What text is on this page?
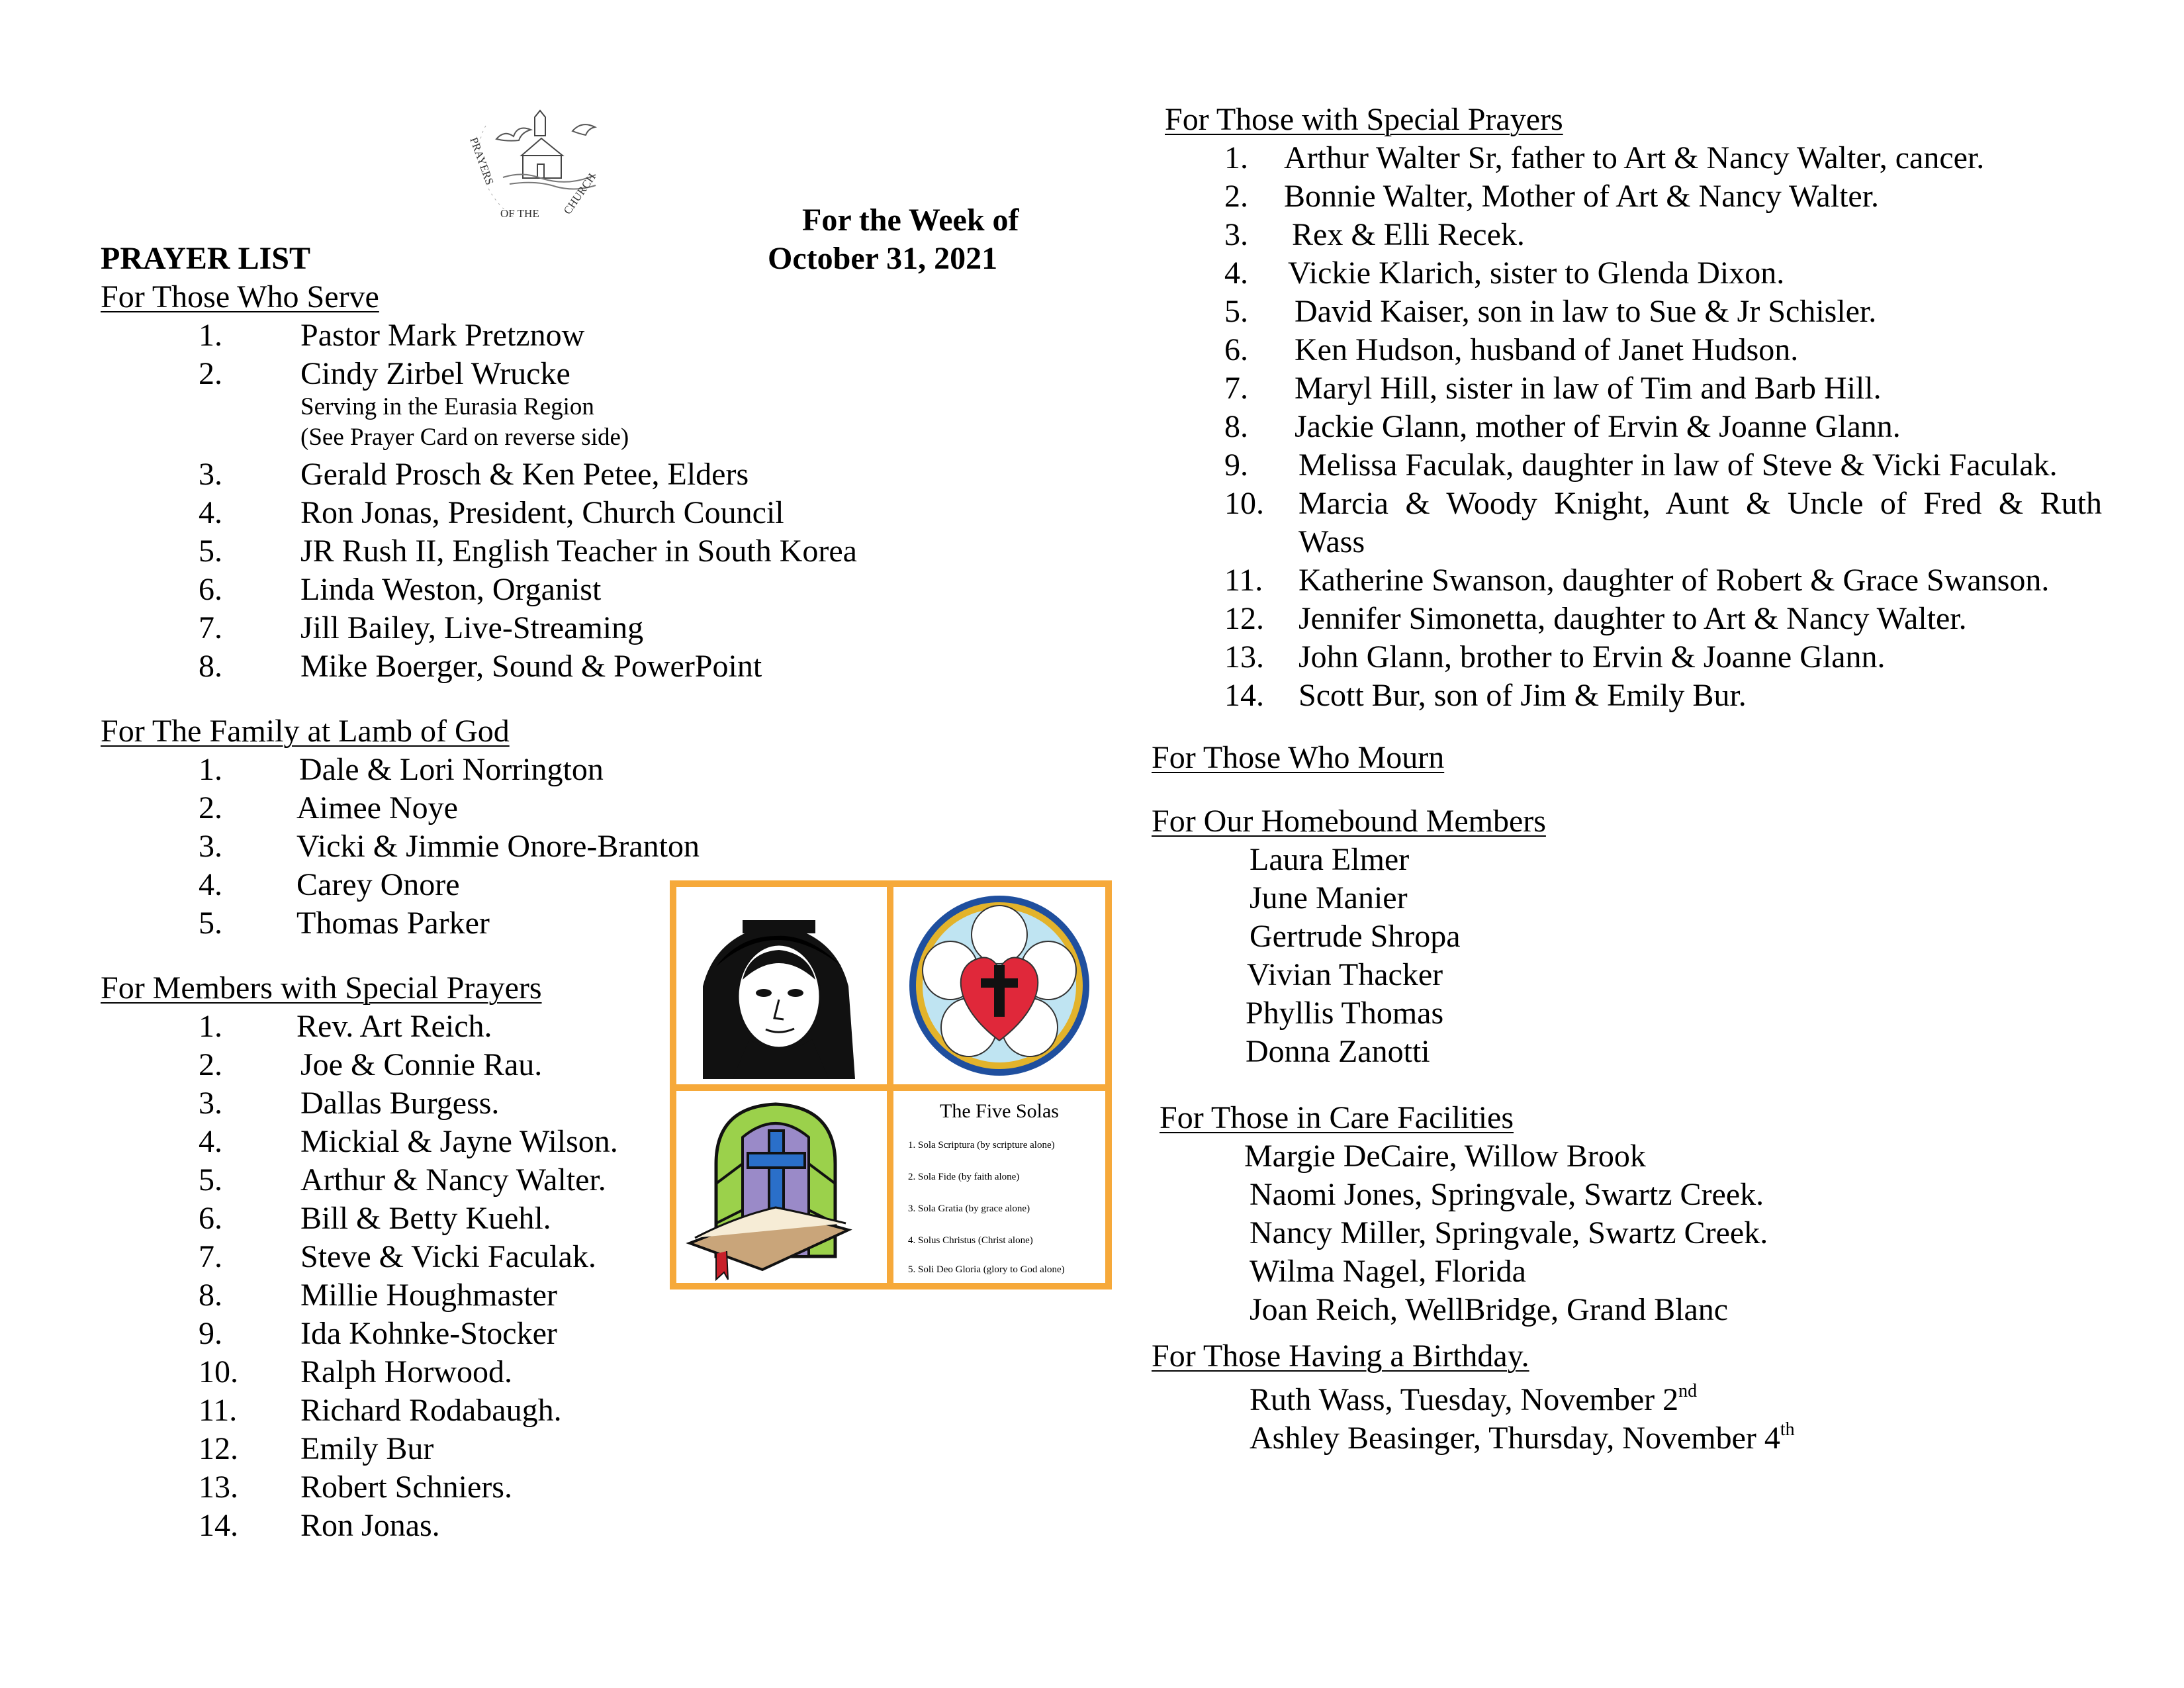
PRAYERS
OF THE CHURCH
For the Week of
PRAYER LIST	October 31, 2021
For Those Who Serve
1. Pastor Mark Pretznow
2. Cindy Zirbel Wrucke
Serving in the Eurasia Region
(See Prayer Card on reverse side)
3. Gerald Prosch & Ken Petee, Elders
4. Ron Jonas, President, Church Council
5. JR Rush II, English Teacher in South Korea
6. Linda Weston, Organist
7. Jill Bailey, Live-Streaming
8. Mike Boerger, Sound & PowerPoint
For The Family at Lamb of God
1. Dale & Lori Norrington
2. Aimee Noye
3. Vicki & Jimmie Onore-Branton
4. Carey Onore
5. Thomas Parker
For Members with Special Prayers
1. Rev. Art Reich.
2. Joe & Connie Rau.
3. Dallas Burgess.
4. Mickial & Jayne Wilson.
5. Arthur & Nancy Walter.
6. Bill & Betty Kuehl.
7. Steve & Vicki Faculak.
8. Millie Houghmaster
9. Ida Kohnke-Stocker
10. Ralph Horwood.
11. Richard Rodabaugh.
12. Emily Bur
13. Robert Schniers.
14. Ron Jonas.
The Five Solas
1. Sola Scriptura (by scripture alone)
2. Sola Fide (by faith alone)
3. Sola Gratia (by grace alone)
4. Solus Christus (Christ alone)
5. Soli Deo Gloria (glory to God alone)
For Those with Special Prayers
1. Arthur Walter Sr, father to Art & Nancy Walter, cancer.
2. Bonnie Walter, Mother of Art & Nancy Walter.
3. Rex & Elli Recek.
4. Vickie Klarich, sister to Glenda Dixon.
5. David Kaiser, son in law to Sue & Jr Schisler.
6. Ken Hudson, husband of Janet Hudson.
7. Maryl Hill, sister in law of Tim and Barb Hill.
8. Jackie Glann, mother of Ervin & Joanne Glann.
9. Melissa Faculak, daughter in law of Steve & Vicki Faculak.
10. Marcia & Woody Knight, Aunt & Uncle of Fred & Ruth
Wass
11. Katherine Swanson, daughter of Robert & Grace Swanson.
12. Jennifer Simonetta, daughter to Art & Nancy Walter.
13. John Glann, brother to Ervin & Joanne Glann.
14. Scott Bur, son of Jim & Emily Bur.
For Those Who Mourn
For Our Homebound Members
Laura Elmer
June Manier
Gertrude Shropa
Vivian Thacker
Phyllis Thomas
Donna Zanotti
For Those in Care Facilities
Margie DeCaire, Willow Brook
Naomi Jones, Springvale, Swartz Creek.
Nancy Miller, Springvale, Swartz Creek.
Wilma Nagel, Florida
Joan Reich, WellBridge, Grand Blanc
For Those Having a Birthday.
Ruth Wass, Tuesday, November 2nd
Ashley Beasinger, Thursday, November 4th
